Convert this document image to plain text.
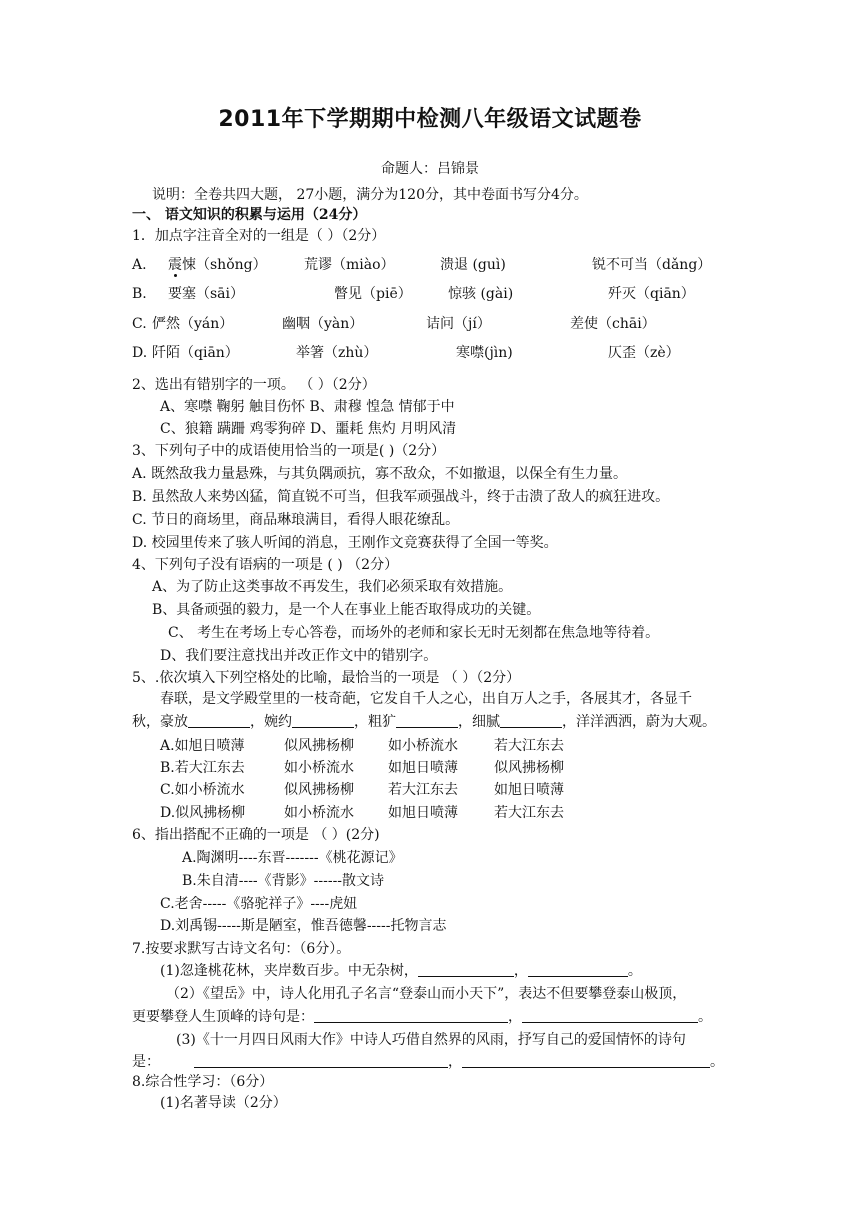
2011年下学期期中检测八年级语文试题卷
命题人：吕锦景
说明：全卷共四大题， 27小题，满分为120分，其中卷面书写分4分。
一、 语文知识的积累与运用（24分）
1．加点字注音全对的一组是（ ）（2分）
A. 震悚（shǒng）	荒谬（miào）	溃退 (guì)	锐不可当（dǎng）
B. 要塞（sāi）	瞥见（piē）	惊骇 (gài)	歼灭（qiān）
C. 俨然（yán）	幽咽（yàn）	诘问（jí）	差使（chāi）
D. 阡陌（qiān）	举箸（zhù）	寒噤(jìn)	仄歪（zè）
2、选出有错别字的一项。 （ ）（2分）
A、寒噤 鞠躬 触目伤怀 B、肃穆 惶急 情郁于中
C、狼籍 蹒跚 鸡零狗碎 D、噩耗 焦灼 月明风清
3、下列句子中的成语使用恰当的一项是( )（2分）
A. 既然敌我力量悬殊，与其负隅顽抗，寡不敌众，不如撤退，以保全有生力量。
B. 虽然敌人来势凶猛，简直锐不可当，但我军顽强战斗，终于击溃了敌人的疯狂进攻。
C. 节日的商场里，商品琳琅满目，看得人眼花缭乱。
D. 校园里传来了骇人听闻的消息，王刚作文竞赛获得了全国一等奖。
4、下列句子没有语病的一项是 ( ) （2分）
A、为了防止这类事故不再发生，我们必须采取有效措施。
B、具备顽强的毅力，是一个人在事业上能否取得成功的关键。
C、 考生在考场上专心答卷，而场外的老师和家长无时无刻都在焦急地等待着。
D、我们要注意找出并改正作文中的错别字。
5、.依次填入下列空格处的比喻，最恰当的一项是 （ ）（2分）
春联，是文学殿堂里的一枝奇葩，它发自千人之心，出自万人之手，各展其才，各显千
秋，豪放	，婉约	，粗犷	，细腻	，洋洋洒洒，蔚为大观。
A.如旭日喷薄	似风拂杨柳 如小桥流水	若大江东去
B.若大江东去	如小桥流水 如旭日喷薄	似风拂杨柳
C.如小桥流水	似风拂杨柳 若大江东去	如旭日喷薄
D.似风拂杨柳	如小桥流水 如旭日喷薄	若大江东去
6、指出搭配不正确的一项是 （ ）(2分)
A.陶渊明----东晋-------《桃花源记》
B.朱自清----《背影》------散文诗
C.老舍-----《骆驼祥子》----虎妞
D.刘禹锡-----斯是陋室，惟吾德馨-----托物言志
7.按要求默写古诗文名句：（6分）。
(1)忽逢桃花林，夹岸数百步。中无杂树，	，	。
（2）《望岳》中，诗人化用孔子名言“登泰山而小天下”，表达不但要攀登泰山极顶，
更要攀登人生顶峰的诗句是：	，	。
(3)《十一月四日风雨大作》中诗人巧借自然界的风雨，抒写自己的爱国情怀的诗句
是：	，	。
8.综合性学习：（6分）
(1)名著导读（2分）
